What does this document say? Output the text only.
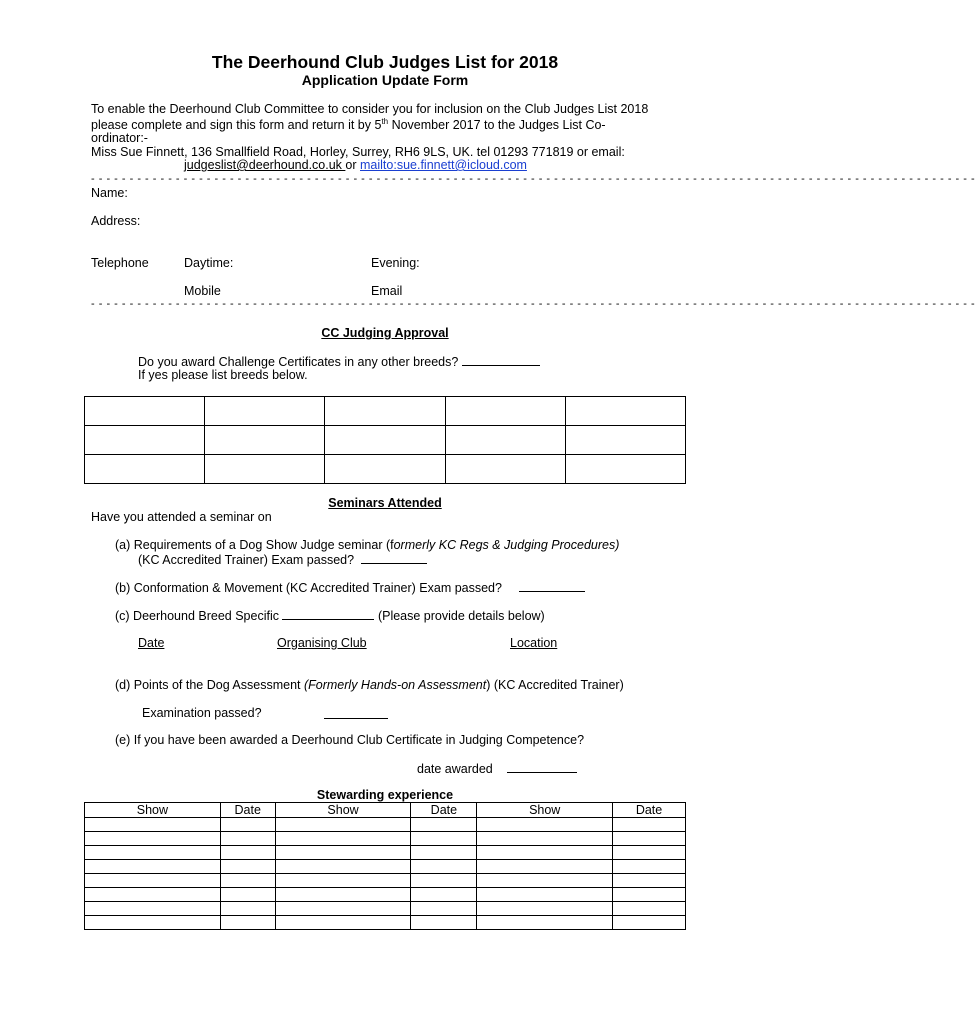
The Deerhound Club Judges List for 2018
Application Update Form
To enable the Deerhound Club Committee to consider you for inclusion on the Club Judges List 2018
please complete and sign this form and return it by 5th November 2017 to the Judges List Co-
ordinator:-
Miss Sue Finnett, 136 Smallfield Road, Horley, Surrey, RH6 9LS, UK. tel 01293 771819 or email:
judgeslist@deerhound.co.uk or mailto:sue.finnett@icloud.com
- - - - - - - - - - - - - - - - - - - - - - - - - - - - - - - - - - - - - - - - - - - - - - - - - - - - - - - - - - - - - - - - - - - - - - - - - - - - - - - - - - - - - - - - - - - - - - - - - - - - - - - - - - - - - - - - - - -
Name:
Address:
Telephone	Daytime:	Evening:
Mobile	Email
- - - - - - - - - - - - - - - - - - - - - - - - - - - - - - - - - - - - - - - - - - - - - - - - - - - - - - - - - - - - - - - - - - - - - - - - - - - - - - - - - - - - - - - - - - - - - - - - - - - - - - - - - - - - - - - - - - -
CC Judging Approval
Do you award Challenge Certificates in any other breeds?
If yes please list breeds below.

Seminars Attended
Have you attended a seminar on
(a) Requirements of a Dog Show Judge seminar (formerly KC Regs & Judging Procedures)
(KC Accredited Trainer) Exam passed?
(b) Conformation & Movement (KC Accredited Trainer) Exam passed?
(c) Deerhound Breed Specific	(Please provide details below)
Date	Organising Club	Location
(d) Points of the Dog Assessment (Formerly Hands-on Assessment) (KC Accredited Trainer)
Examination passed?
(e) If you have been awarded a Deerhound Club Certificate in Judging Competence?
date awarded
Stewarding experience
Show	Date	Show	Date	Show	Date
